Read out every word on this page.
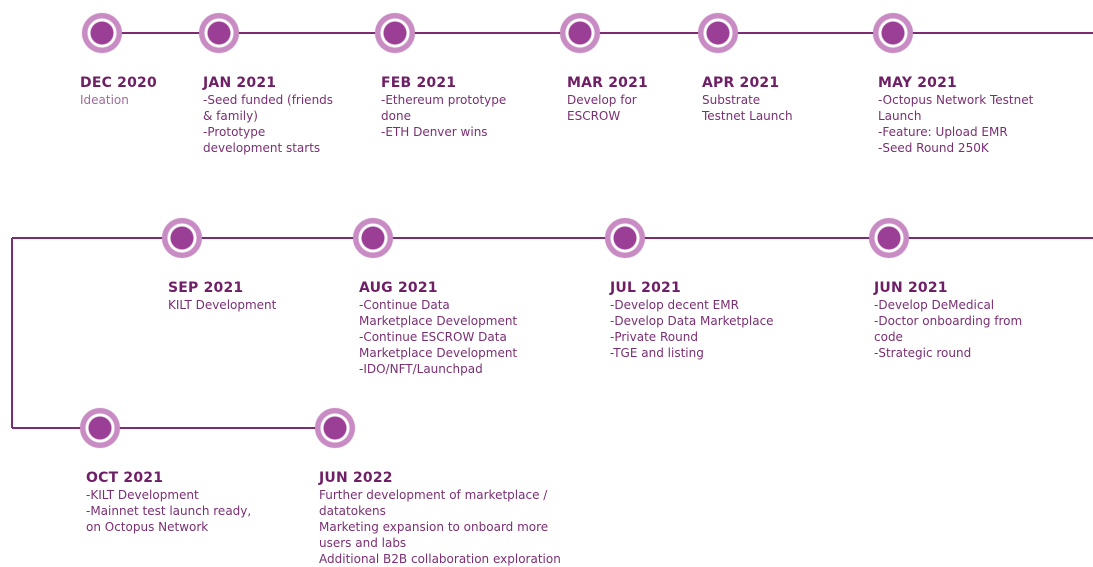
DEC 2020
Ideation
JAN 2021
-Seed funded (friends
& family)
-Prototype
development starts
FEB 2021
-Ethereum prototype
done
-ETH Denver wins
MAR 2021
Develop for
ESCROW
APR 2021
Substrate
Testnet Launch
MAY 2021
-Octopus Network Testnet
Launch
-Feature: Upload EMR
-Seed Round 250K
SEP 2021
KILT Development
AUG 2021
-Continue Data
Marketplace Development
-Continue ESCROW Data
Marketplace Development
-IDO/NFT/Launchpad
JUL 2021
-Develop decent EMR
-Develop Data Marketplace
-Private Round
-TGE and listing
JUN 2021
-Develop DeMedical
-Doctor onboarding from
code
-Strategic round
OCT 2021
-KILT Development
-Mainnet test launch ready,
on Octopus Network
JUN 2022
Further development of marketplace /
datatokens
Marketing expansion to onboard more
users and labs
Additional B2B collaboration exploration
